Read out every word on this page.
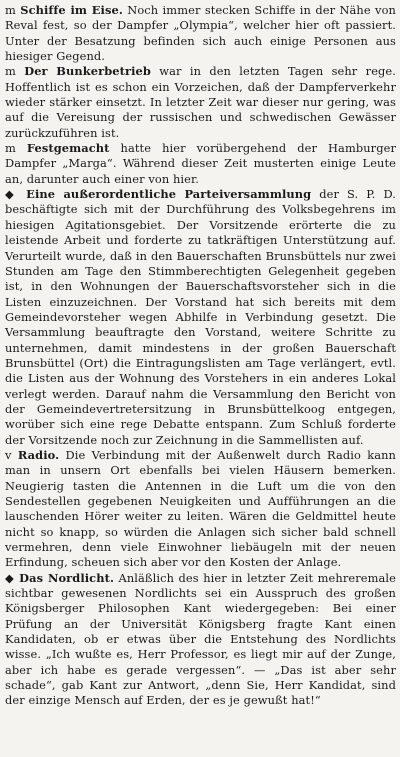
m Schiffe im Eise. Noch immer stecken Schiffe in der Nähe von Reval fest, so der Dampfer „Olympia“, welcher hier oft passiert. Unter der Besatzung befinden sich auch einige Personen aus hiesiger Gegend.

m Der Bunkerbetrieb war in den letzten Tagen sehr rege. Hoffentlich ist es schon ein Vorzeichen, daß der Dampferverkehr wieder stärker einsetzt. In letzter Zeit war dieser nur gering, was auf die Vereisung der russischen und schwedischen Gewässer zurückzuführen ist.

m Festgemacht hatte hier vorübergehend der Hamburger Dampfer „Marga“. Während dieser Zeit musterten einige Leute an, darunter auch einer von hier.

◆ Eine außerordentliche Parteiversammlung der S. P. D. beschäftigte sich mit der Durchführung des Volksbegehrens im hiesigen Agitationsgebiet. Der Vorsitzende erörterte die zu leistende Arbeit und forderte zu tatkräftigen Unterstützung auf. Verurteilt wurde, daß in den Bauerschaften Brunsbüttels nur zwei Stunden am Tage den Stimmberechtigten Gelegenheit gegeben ist, in den Wohnungen der Bauerschaftsvorsteher sich in die Listen einzuzeichnen. Der Vorstand hat sich bereits mit dem Gemeindevorsteher wegen Abhilfe in Verbindung gesetzt. Die Versammlung beauftragte den Vorstand, weitere Schritte zu unternehmen, damit mindestens in der großen Bauerschaft Brunsbüttel (Ort) die Eintragungslisten am Tage verlängert, evtl. die Listen aus der Wohnung des Vorstehers in ein anderes Lokal verlegt werden. Darauf nahm die Versammlung den Bericht von der Gemeindevertretersitzung in Brunsbüttelkoog entgegen, worüber sich eine rege Debatte entspann. Zum Schluß forderte der Vorsitzende noch zur Zeichnung in die Sammellisten auf.

v Radio. Die Verbindung mit der Außenwelt durch Radio kann man in unsern Ort ebenfalls bei vielen Häusern bemerken. Neugierig tasten die Antennen in die Luft um die von den Sendestellen gegebenen Neuigkeiten und Aufführungen an die lauschenden Hörer weiter zu leiten. Wären die Geldmittel heute nicht so knapp, so würden die Anlagen sich sicher bald schnell vermehren, denn viele Einwohner liebäugeln mit der neuen Erfindung, scheuen sich aber vor den Kosten der Anlage.

◆ Das Nordlicht. Anläßlich des hier in letzter Zeit mehreremale sichtbar gewesenen Nordlichts sei ein Ausspruch des großen Königsberger Philosophen Kant wiedergegeben: Bei einer Prüfung an der Universität Königsberg fragte Kant einen Kandidaten, ob er etwas über die Entstehung des Nordlichts wisse. „Ich wußte es, Herr Professor, es liegt mir auf der Zunge, aber ich habe es gerade vergessen“. — „Das ist aber sehr schade“, gab Kant zur Antwort, „denn Sie, Herr Kandidat, sind der einzige Mensch auf Erden, der es je gewußt hat!“
